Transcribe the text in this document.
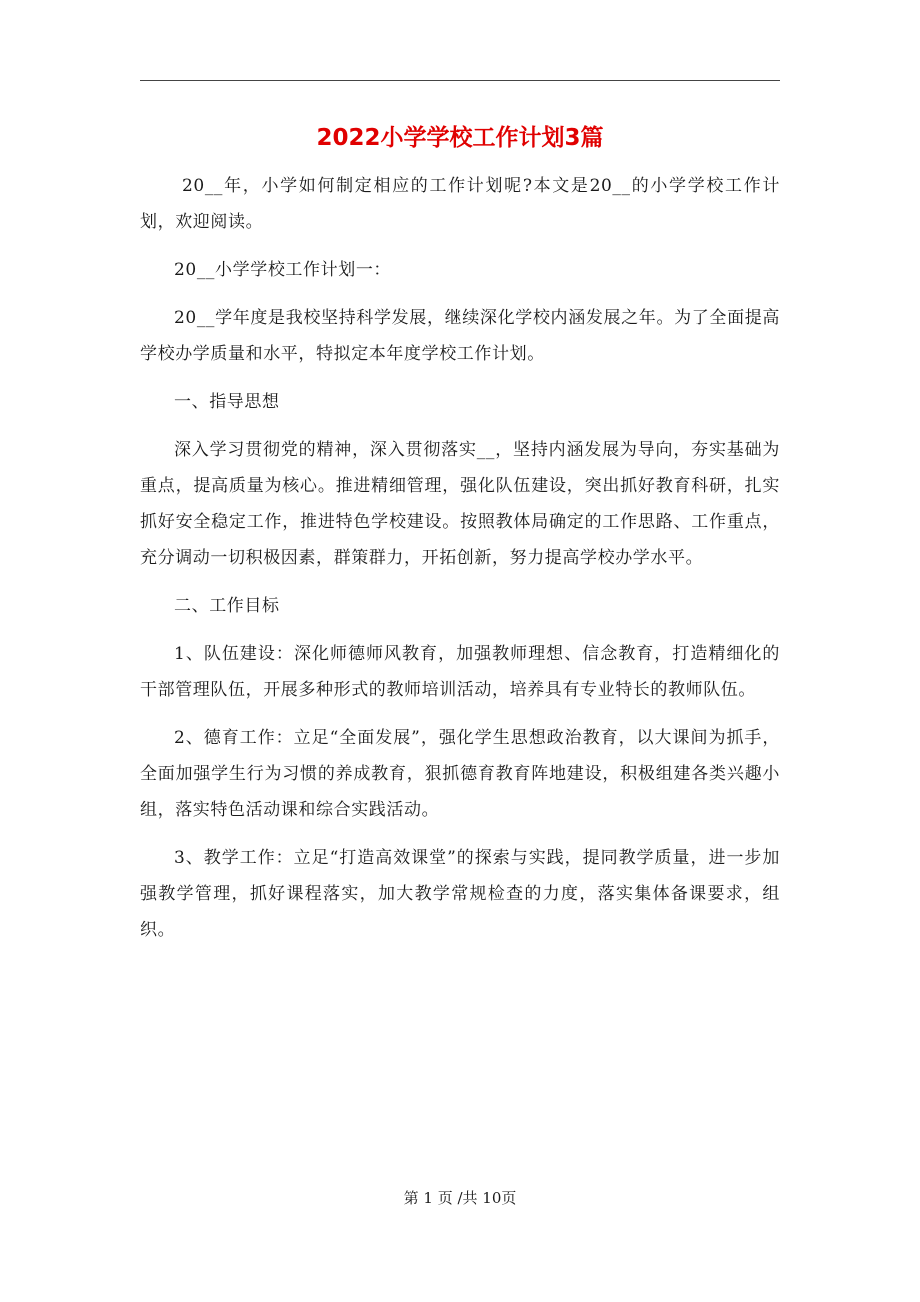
2022小学学校工作计划3篇

20__年，小学如何制定相应的工作计划呢?本文是20__的小学学校工作计划，欢迎阅读。

20__小学学校工作计划一：

20__学年度是我校坚持科学发展，继续深化学校内涵发展之年。为了全面提高学校办学质量和水平，特拟定本年度学校工作计划。

一、指导思想

深入学习贯彻党的精神，深入贯彻落实__，坚持内涵发展为导向，夯实基础为重点，提高质量为核心。推进精细管理，强化队伍建设，突出抓好教育科研，扎实抓好安全稳定工作，推进特色学校建设。按照教体局确定的工作思路、工作重点，充分调动一切积极因素，群策群力，开拓创新，努力提高学校办学水平。

二、工作目标

1、队伍建设：深化师德师风教育，加强教师理想、信念教育，打造精细化的干部管理队伍，开展多种形式的教师培训活动，培养具有专业特长的教师队伍。

2、德育工作：立足“全面发展”，强化学生思想政治教育，以大课间为抓手，全面加强学生行为习惯的养成教育，狠抓德育教育阵地建设，积极组建各类兴趣小组，落实特色活动课和综合实践活动。

3、教学工作：立足“打造高效课堂”的探索与实践，提同教学质量，进一步加强教学管理，抓好课程落实，加大教学常规检查的力度，落实集体备课要求，组织。

第 1 页 /共 10页
